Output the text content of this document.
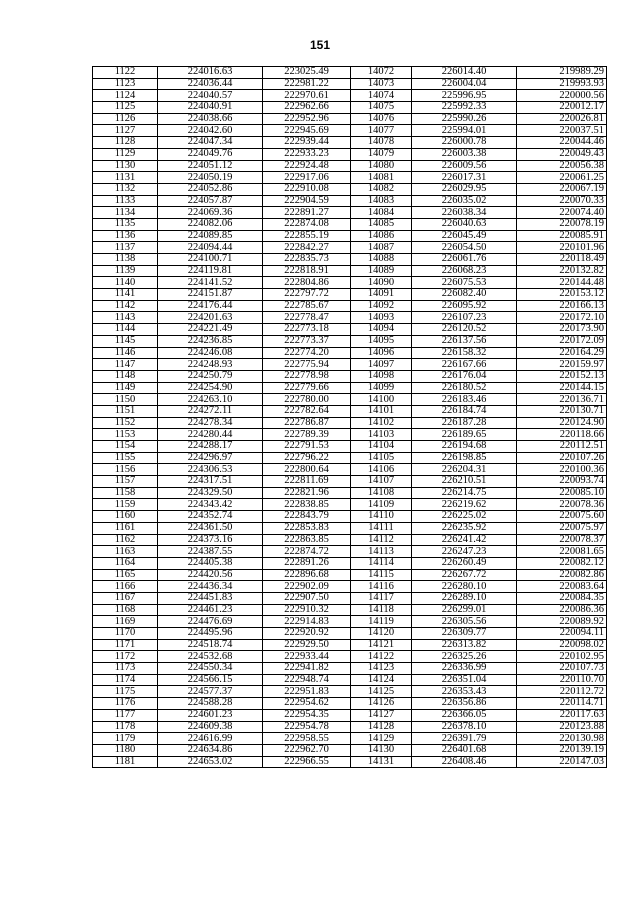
151
1122	224016.63	223025.49	14072	226014.40	219989.29
1123	224036.44	222981.22	14073	226004.04	219993.93
1124	224040.57	222970.61	14074	225996.95	220000.56
1125	224040.91	222962.66	14075	225992.33	220012.17
1126	224038.66	222952.96	14076	225990.26	220026.81
1127	224042.60	222945.69	14077	225994.01	220037.51
1128	224047.34	222939.44	14078	226000.78	220044.46
1129	224049.76	222933.23	14079	226003.38	220049.43
1130	224051.12	222924.48	14080	226009.56	220056.38
1131	224050.19	222917.06	14081	226017.31	220061.25
1132	224052.86	222910.08	14082	226029.95	220067.19
1133	224057.87	222904.59	14083	226035.02	220070.33
1134	224069.36	222891.27	14084	226038.34	220074.40
1135	224082.06	222874.08	14085	226040.63	220078.19
1136	224089.85	222855.19	14086	226045.49	220085.91
1137	224094.44	222842.27	14087	226054.50	220101.96
1138	224100.71	222835.73	14088	226061.76	220118.49
1139	224119.81	222818.91	14089	226068.23	220132.82
1140	224141.52	222804.86	14090	226075.53	220144.48
1141	224151.87	222797.72	14091	226082.40	220153.12
1142	224176.44	222785.67	14092	226095.92	220166.13
1143	224201.63	222778.47	14093	226107.23	220172.10
1144	224221.49	222773.18	14094	226120.52	220173.90
1145	224236.85	222773.37	14095	226137.56	220172.09
1146	224246.08	222774.20	14096	226158.32	220164.29
1147	224248.93	222775.94	14097	226167.66	220159.97
1148	224250.79	222778.98	14098	226176.04	220152.13
1149	224254.90	222779.66	14099	226180.52	220144.15
1150	224263.10	222780.00	14100	226183.46	220136.71
1151	224272.11	222782.64	14101	226184.74	220130.71
1152	224278.34	222786.87	14102	226187.28	220124.90
1153	224280.44	222789.39	14103	226189.65	220118.66
1154	224288.17	222791.53	14104	226194.68	220112.51
1155	224296.97	222796.22	14105	226198.85	220107.26
1156	224306.53	222800.64	14106	226204.31	220100.36
1157	224317.51	222811.69	14107	226210.51	220093.74
1158	224329.50	222821.96	14108	226214.75	220085.10
1159	224343.42	222838.85	14109	226219.62	220078.36
1160	224352.74	222843.79	14110	226225.02	220075.60
1161	224361.50	222853.83	14111	226235.92	220075.97
1162	224373.16	222863.85	14112	226241.42	220078.37
1163	224387.55	222874.72	14113	226247.23	220081.65
1164	224405.38	222891.26	14114	226260.49	220082.12
1165	224420.56	222896.68	14115	226267.72	220082.86
1166	224436.34	222902.09	14116	226280.10	220083.64
1167	224451.83	222907.50	14117	226289.10	220084.35
1168	224461.23	222910.32	14118	226299.01	220086.36
1169	224476.69	222914.83	14119	226305.56	220089.92
1170	224495.96	222920.92	14120	226309.77	220094.11
1171	224518.74	222929.50	14121	226313.82	220098.02
1172	224532.68	222933.44	14122	226325.26	220102.95
1173	224550.34	222941.82	14123	226336.99	220107.73
1174	224566.15	222948.74	14124	226351.04	220110.70
1175	224577.37	222951.83	14125	226353.43	220112.72
1176	224588.28	222954.62	14126	226356.86	220114.71
1177	224601.23	222954.35	14127	226366.05	220117.63
1178	224609.38	222954.78	14128	226378.10	220123.88
1179	224616.99	222958.55	14129	226391.79	220130.98
1180	224634.86	222962.70	14130	226401.68	220139.19
1181	224653.02	222966.55	14131	226408.46	220147.03
